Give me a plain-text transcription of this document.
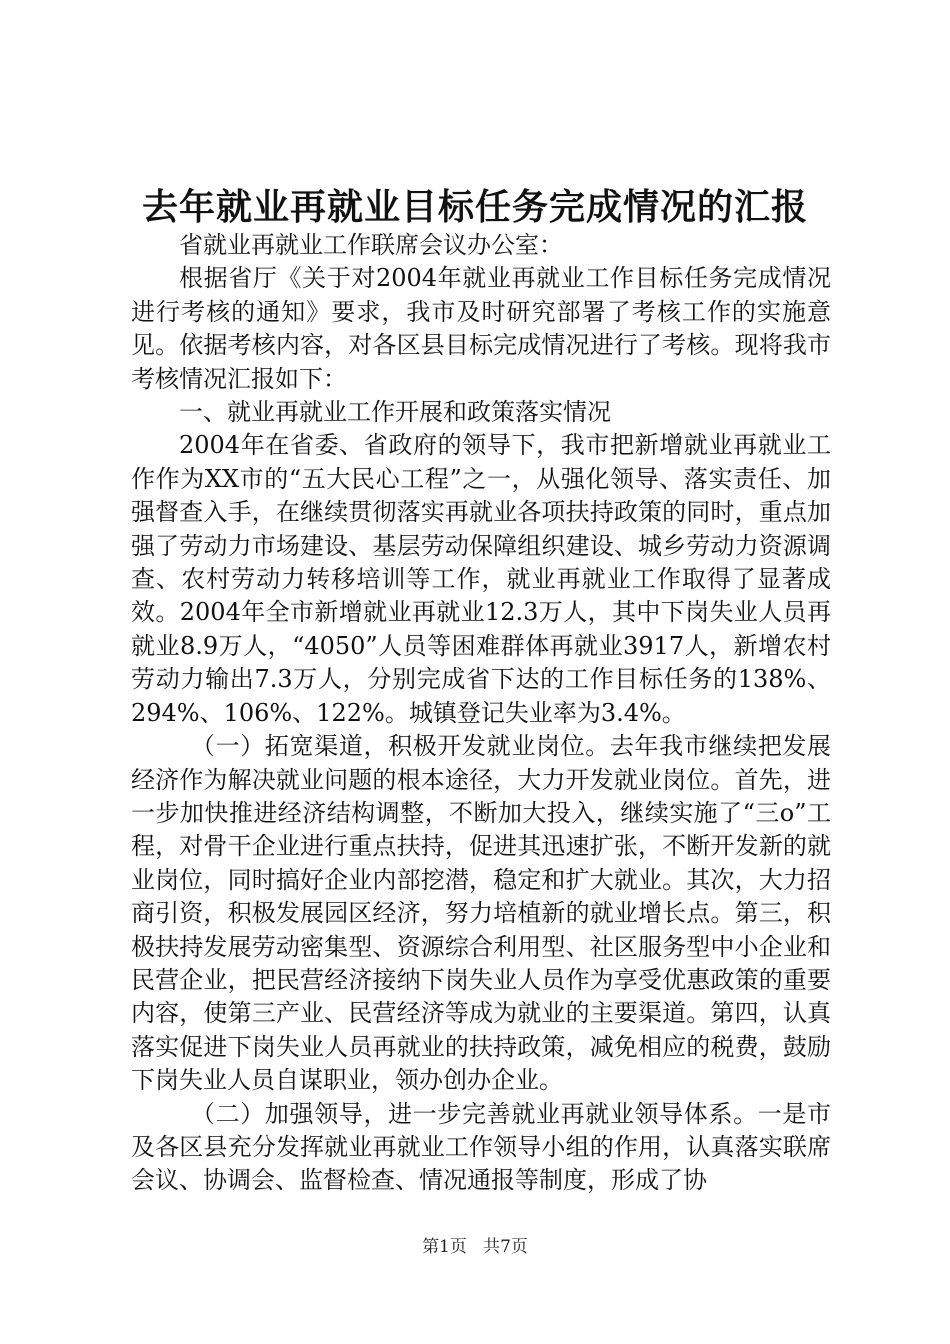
去年就业再就业目标任务完成情况的汇报

省就业再就业工作联席会议办公室：

根据省厅《关于对2004年就业再就业工作目标任务完成情况进行考核的通知》要求，我市及时研究部署了考核工作的实施意见。依据考核内容，对各区县目标完成情况进行了考核。现将我市考核情况汇报如下：

一、就业再就业工作开展和政策落实情况

2004年在省委、省政府的领导下，我市把新增就业再就业工作作为XX市的“五大民心工程”之一，从强化领导、落实责任、加强督查入手，在继续贯彻落实再就业各项扶持政策的同时，重点加强了劳动力市场建设、基层劳动保障组织建设、城乡劳动力资源调查、农村劳动力转移培训等工作，就业再就业工作取得了显著成效。2004年全市新增就业再就业12.3万人，其中下岗失业人员再就业8.9万人，“4050”人员等困难群体再就业3917人，新增农村劳动力输出7.3万人，分别完成省下达的工作目标任务的138%、294%、106%、122%。城镇登记失业率为3.4%。

（一）拓宽渠道，积极开发就业岗位。去年我市继续把发展经济作为解决就业问题的根本途径，大力开发就业岗位。首先，进一步加快推进经济结构调整，不断加大投入，继续实施了“三o”工程，对骨干企业进行重点扶持，促进其迅速扩张，不断开发新的就业岗位，同时搞好企业内部挖潜，稳定和扩大就业。其次，大力招商引资，积极发展园区经济，努力培植新的就业增长点。第三，积极扶持发展劳动密集型、资源综合利用型、社区服务型中小企业和民营企业，把民营经济接纳下岗失业人员作为享受优惠政策的重要内容，使第三产业、民营经济等成为就业的主要渠道。第四，认真落实促进下岗失业人员再就业的扶持政策，减免相应的税费，鼓励下岗失业人员自谋职业，领办创办企业。

（二）加强领导，进一步完善就业再就业领导体系。一是市及各区县充分发挥就业再就业工作领导小组的作用，认真落实联席会议、协调会、监督检查、情况通报等制度，形成了协

第1页 共7页
